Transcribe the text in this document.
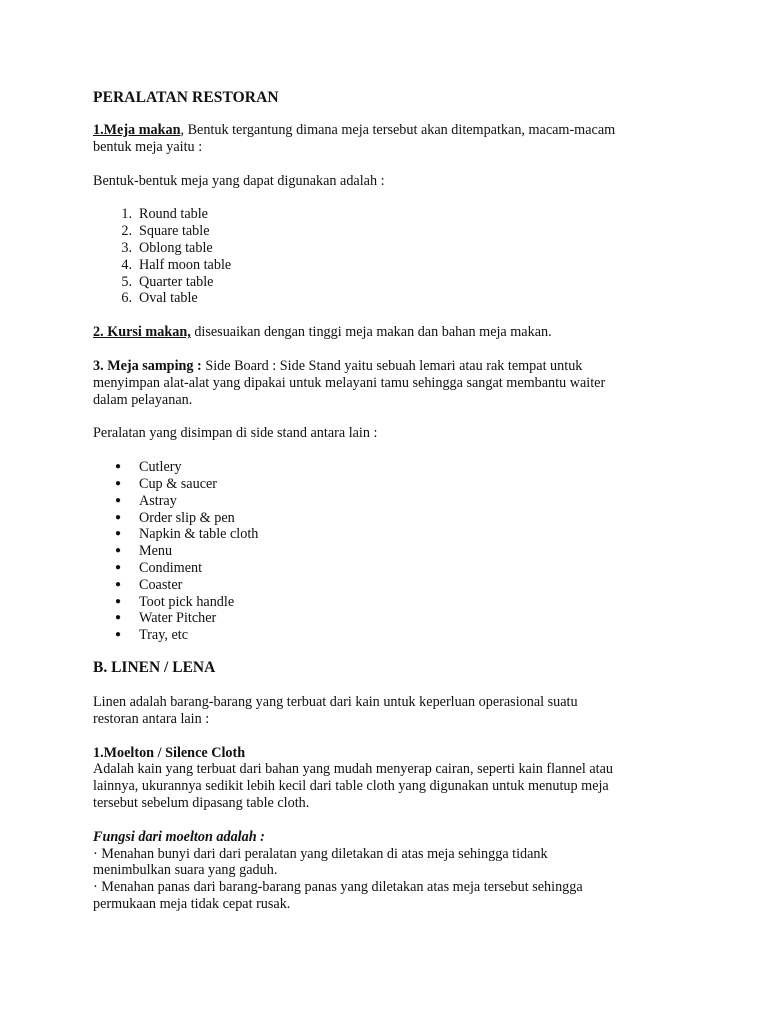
PERALATAN RESTORAN

1.Meja makan, Bentuk tergantung dimana meja tersebut akan ditempatkan, macam-macam

bentuk meja yaitu :

Bentuk-bentuk meja yang dapat digunakan adalah :

1. Round table
2. Square table
3. Oblong table
4. Half moon table
5. Quarter table
6. Oval table

2. Kursi makan, disesuaikan dengan tinggi meja makan dan bahan meja makan.

3. Meja samping : Side Board : Side Stand yaitu sebuah lemari atau rak tempat untuk

menyimpan alat-alat yang dipakai untuk melayani tamu sehingga sangat membantu waiter

dalam pelayanan.

Peralatan yang disimpan di side stand antara lain :

● Cutlery
● Cup & saucer
● Astray
● Order slip & pen
● Napkin & table cloth
● Menu
● Condiment
● Coaster
● Toot pick handle
● Water Pitcher
● Tray, etc
B. LINEN / LENA

Linen adalah barang-barang yang terbuat dari kain untuk keperluan operasional suatu

restoran antara lain :

1.Moelton / Silence Cloth

Adalah kain yang terbuat dari bahan yang mudah menyerap cairan, seperti kain flannel atau

lainnya, ukurannya sedikit lebih kecil dari table cloth yang digunakan untuk menutup meja

tersebut sebelum dipasang table cloth.

Fungsi dari moelton adalah :

· Menahan bunyi dari dari peralatan yang diletakan di atas meja sehingga tidank

menimbulkan suara yang gaduh.

· Menahan panas dari barang-barang panas yang diletakan atas meja tersebut sehingga

permukaan meja tidak cepat rusak.
